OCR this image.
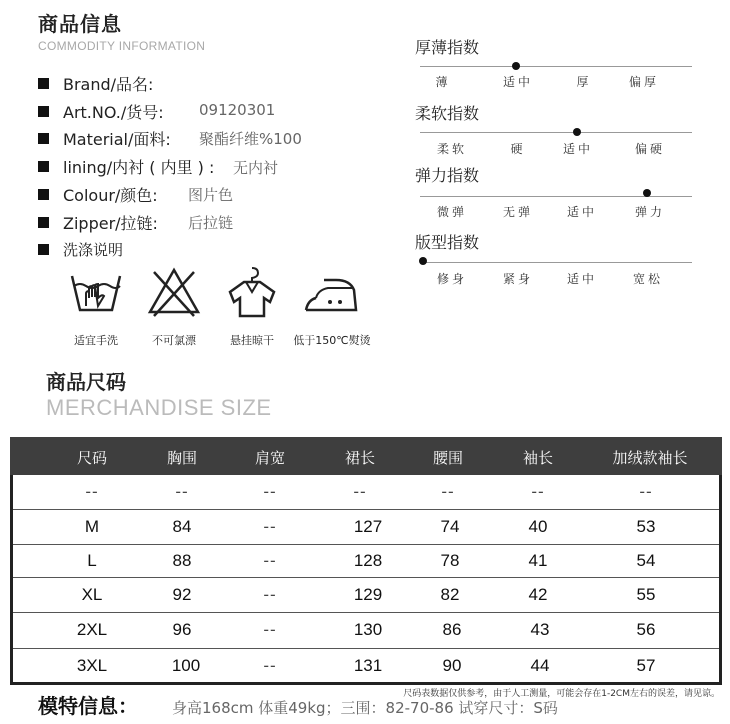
商品信息
COMMODITY INFORMATION
Brand/品名:
Art.NO./货号: 09120301
Material/面料: 聚酯纤维%100
lining/内衬 ( 内里 ) : 无内衬
Colour/颜色: 图片色
Zipper/拉链: 后拉链
洗涤说明
适宜手洗	不可氯漂	悬挂晾干	低于150℃熨烫
厚薄指数
薄	适中	厚	偏厚
柔软指数
柔软	硬	适中	偏硬
弹力指数
微弹	无弹	适中	弹力
版型指数
修身	紧身	适中	宽松
商品尺码
MERCHANDISE SIZE
尺码	胸围	肩宽	裙长	腰围	袖长	加绒款袖长
--	--	--	--	--	--	--
M	84	--	127	74	40	53
L	88	--	128	78	41	54
XL	92	--	129	82	42	55
2XL	96	--	130	86	43	56
3XL	100	--	131	90	44	57
尺码表数据仅供参考，由于人工测量，可能会存在1-2CM左右的误差，请见谅。
模特信息： 身高168cm 体重49kg；三围：82-70-86 试穿尺寸：S码
